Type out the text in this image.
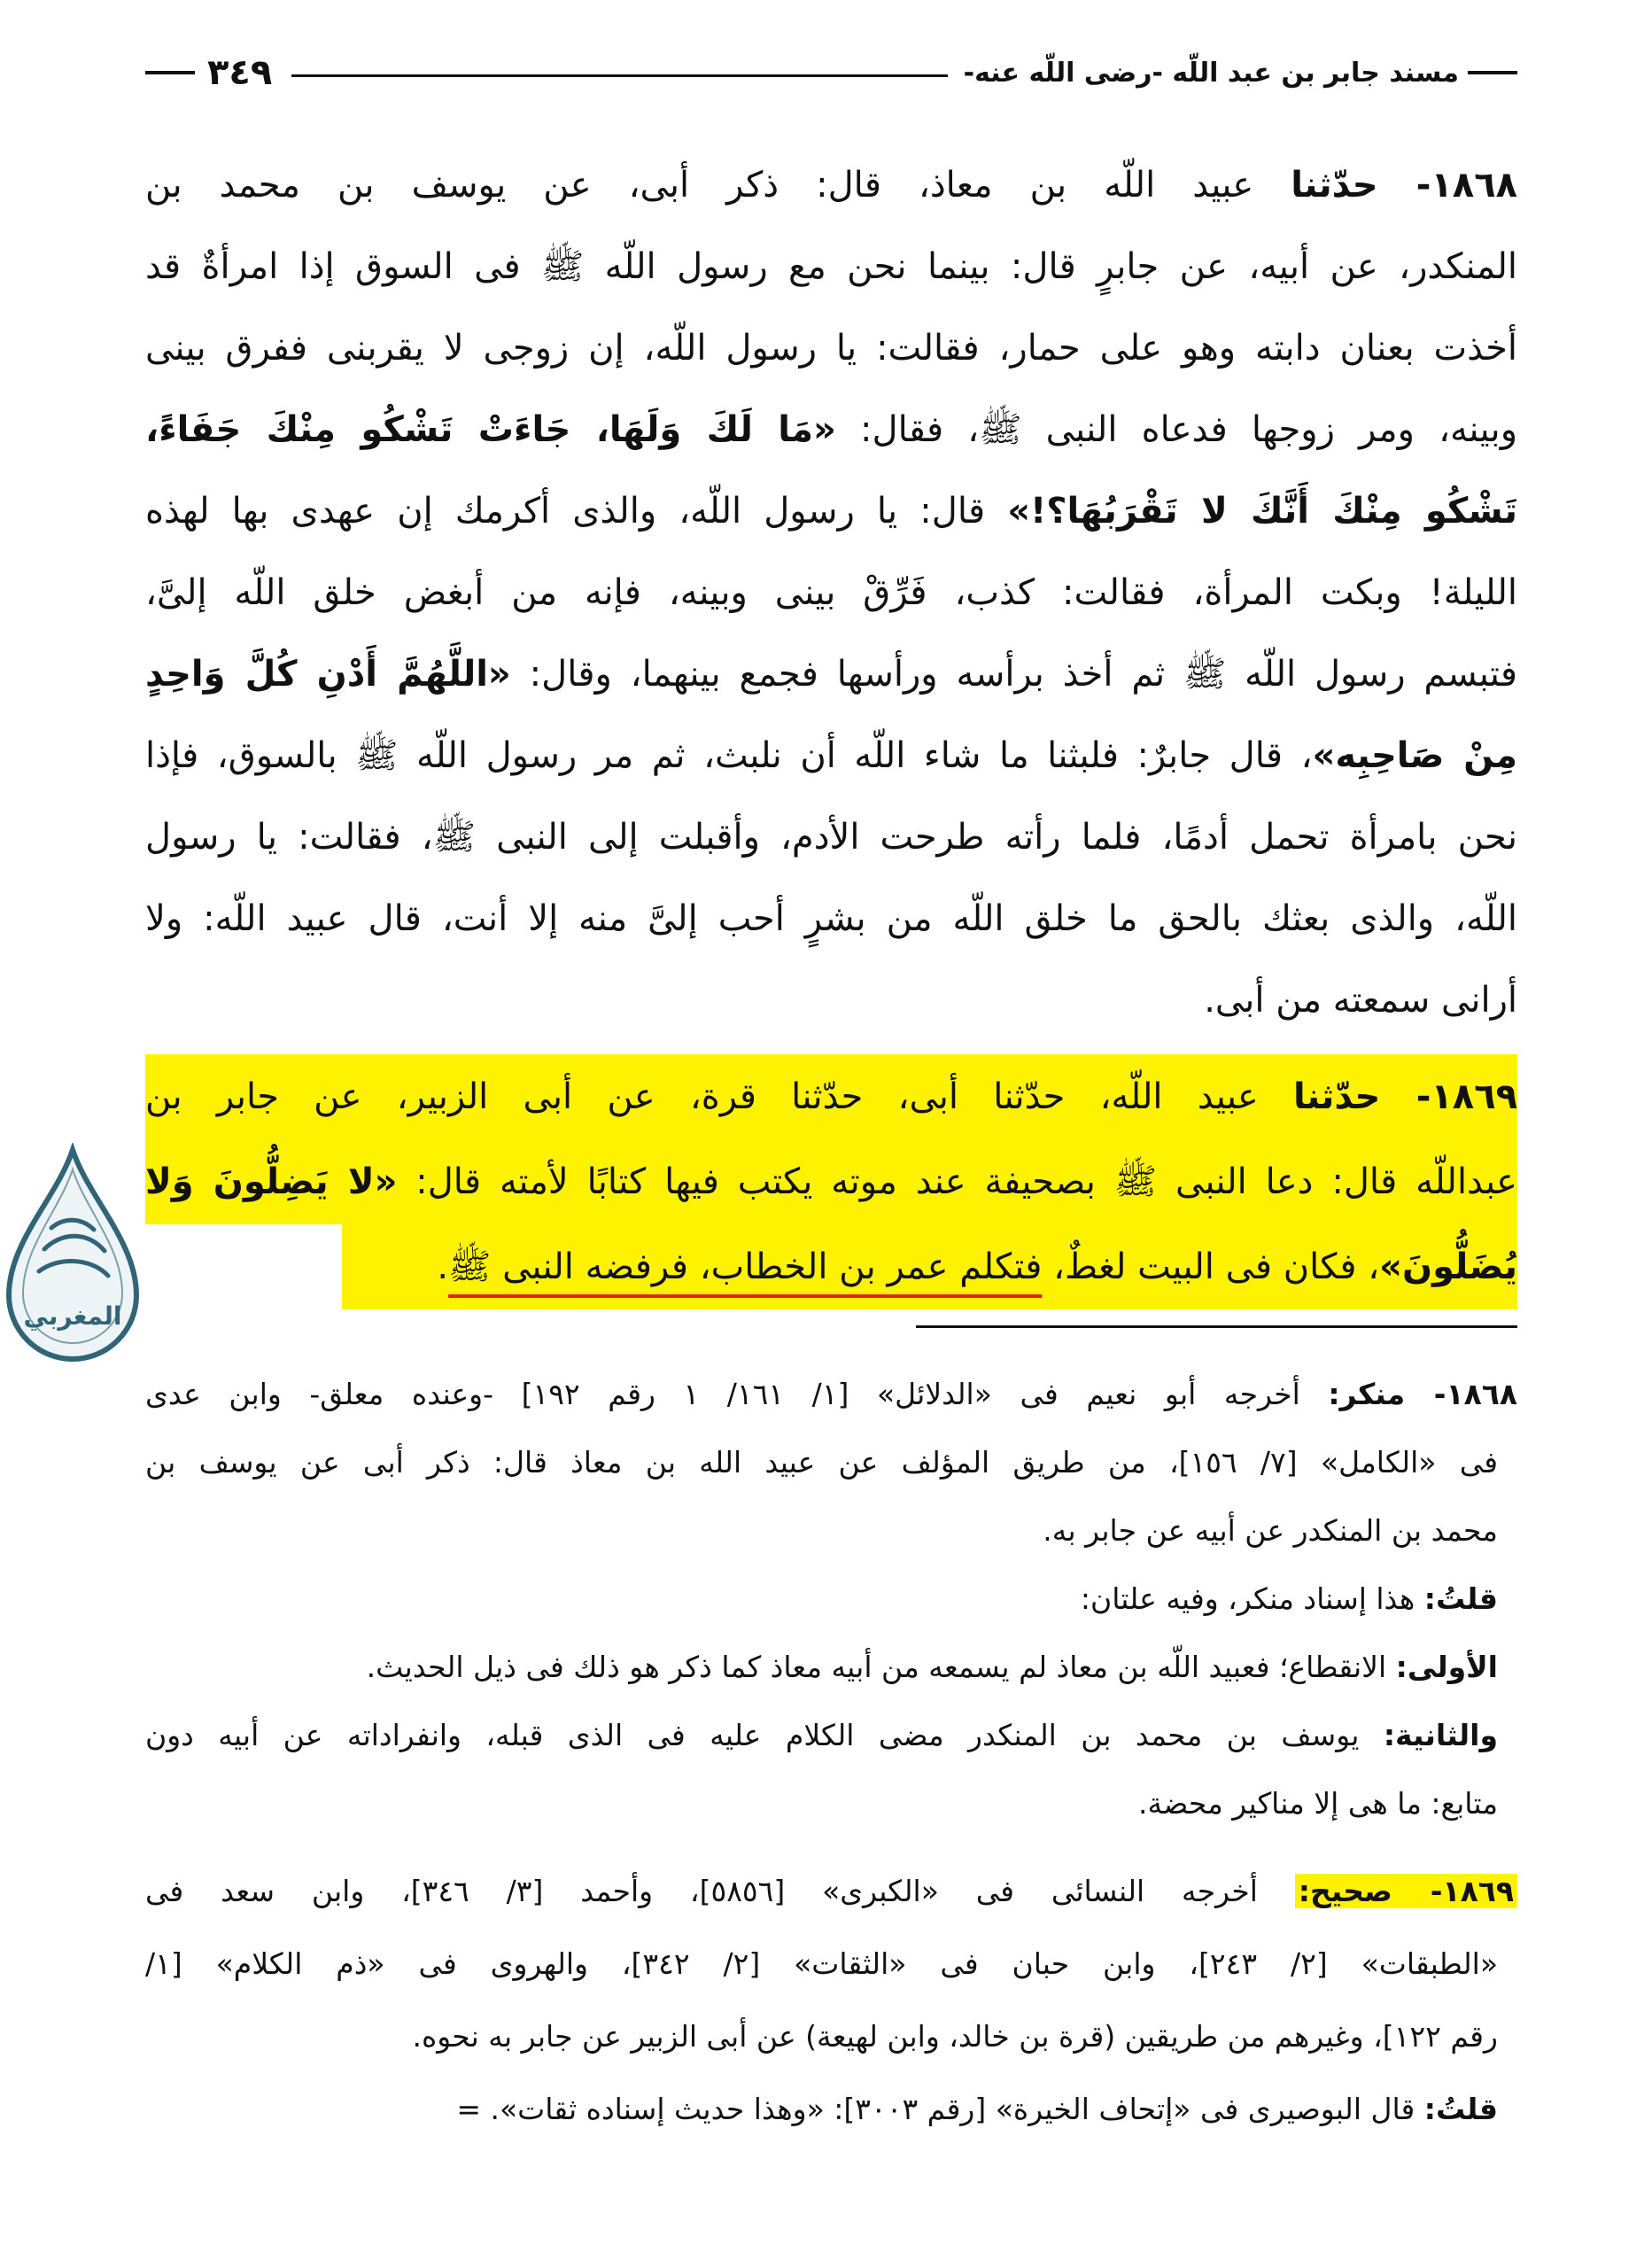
مسند جابر بن عبد اللّه -رضى اللّه عنه-
٣٤٩
١٨٦٨- حدّثنا عبيد اللّه بن معاذ، قال: ذكر أبى، عن يوسف بن محمد بن
المنكدر، عن أبيه، عن جابرٍ قال: بينما نحن مع رسول اللّه ﷺ فى السوق إذا امرأةٌ قد
أخذت بعنان دابته وهو على حمار، فقالت: يا رسول اللّه، إن زوجى لا يقربنى ففرق بينى
وبينه، ومر زوجها فدعاه النبى ﷺ، فقال: «مَا لَكَ وَلَهَا، جَاءَتْ تَشْكُو مِنْكَ جَفَاءً،
تَشْكُو مِنْكَ أَنَّكَ لا تَقْرَبُهَا؟!» قال: يا رسول اللّه، والذى أكرمك إن عهدى بها لهذه
الليلة! وبكت المرأة، فقالت: كذب، فَرِّقْ بينى وبينه، فإنه من أبغض خلق اللّه إلىَّ،
فتبسم رسول اللّه ﷺ ثم أخذ برأسه ورأسها فجمع بينهما، وقال: «اللَّهُمَّ أَدْنِ كُلَّ وَاحِدٍ
مِنْ صَاحِبِه»، قال جابرٌ: فلبثنا ما شاء اللّه أن نلبث، ثم مر رسول اللّه ﷺ بالسوق، فإذا
نحن بامرأة تحمل أدمًا، فلما رأته طرحت الأدم، وأقبلت إلى النبى ﷺ، فقالت: يا رسول
اللّه، والذى بعثك بالحق ما خلق اللّه من بشرٍ أحب إلىَّ منه إلا أنت، قال عبيد اللّه: ولا
أرانى سمعته من أبى.
١٨٦٩- حدّثنا عبيد اللّه، حدّثنا أبى، حدّثنا قرة، عن أبى الزبير، عن جابر بن
عبداللّه قال: دعا النبى ﷺ بصحيفة عند موته يكتب فيها كتابًا لأمته قال: «لا يَضِلُّونَ وَلا
يُضَلُّونَ»، فكان فى البيت لغطٌ، فتكلم عمر بن الخطاب، فرفضه النبى ﷺ.
١٨٦٨- منكر: أخرجه أبو نعيم فى «الدلائل» [١/ ١٦١/ ١ رقم ١٩٢] -وعنده معلق- وابن عدى
فى «الكامل» [٧/ ١٥٦]، من طريق المؤلف عن عبيد الله بن معاذ قال: ذكر أبى عن يوسف بن
محمد بن المنكدر عن أبيه عن جابر به.
قلتُ: هذا إسناد منكر، وفيه علتان:
الأولى: الانقطاع؛ فعبيد اللّه بن معاذ لم يسمعه من أبيه معاذ كما ذكر هو ذلك فى ذيل الحديث.
والثانية: يوسف بن محمد بن المنكدر مضى الكلام عليه فى الذى قبله، وانفراداته عن أبيه دون
متابع: ما هى إلا مناكير محضة.
١٨٦٩- صحيح: أخرجه النسائى فى «الكبرى» [٥٨٥٦]، وأحمد [٣/ ٣٤٦]، وابن سعد فى
«الطبقات» [٢/ ٢٤٣]، وابن حبان فى «الثقات» [٢/ ٣٤٢]، والهروى فى «ذم الكلام» [١/
رقم ١٢٢]، وغيرهم من طريقين (قرة بن خالد، وابن لهيعة) عن أبى الزبير عن جابر به نحوه.
قلتُ: قال البوصيرى فى «إتحاف الخيرة» [رقم ٣٠٠٣]: «وهذا حديث إسناده ثقات». =
المغربي
